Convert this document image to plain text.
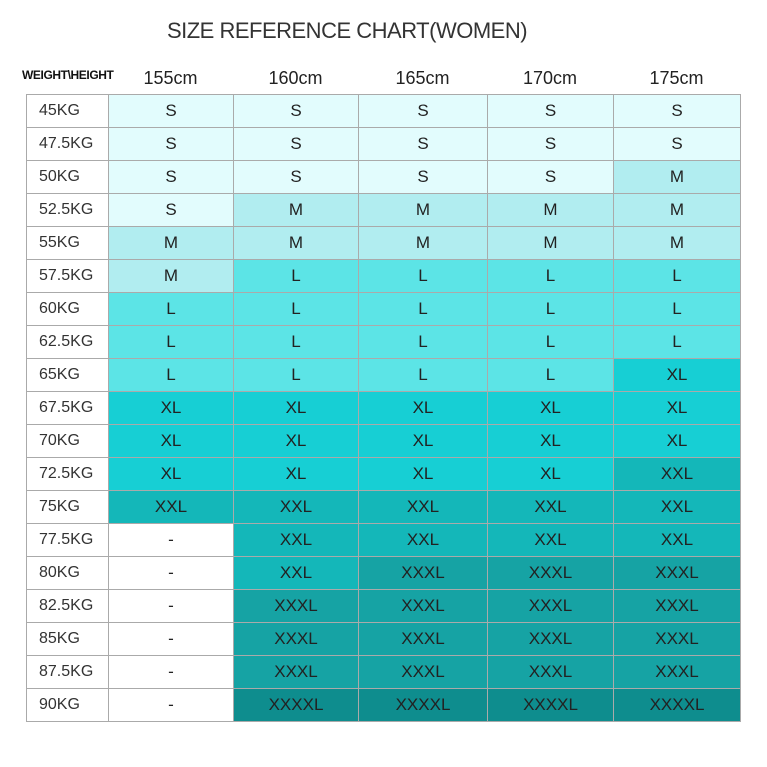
SIZE REFERENCE CHART(WOMEN)
WEIGHT\HEIGHT	155cm	160cm	165cm	170cm	175cm
45KG	S	S	S	S	S
47.5KG	S	S	S	S	S
50KG	S	S	S	S	M
52.5KG	S	M	M	M	M
55KG	M	M	M	M	M
57.5KG	M	L	L	L	L
60KG	L	L	L	L	L
62.5KG	L	L	L	L	L
65KG	L	L	L	L	XL
67.5KG	XL	XL	XL	XL	XL
70KG	XL	XL	XL	XL	XL
72.5KG	XL	XL	XL	XL	XXL
75KG	XXL	XXL	XXL	XXL	XXL
77.5KG	-	XXL	XXL	XXL	XXL
80KG	-	XXL	XXXL	XXXL	XXXL
82.5KG	-	XXXL	XXXL	XXXL	XXXL
85KG	-	XXXL	XXXL	XXXL	XXXL
87.5KG	-	XXXL	XXXL	XXXL	XXXL
90KG	-	XXXXL	XXXXL	XXXXL	XXXXL
